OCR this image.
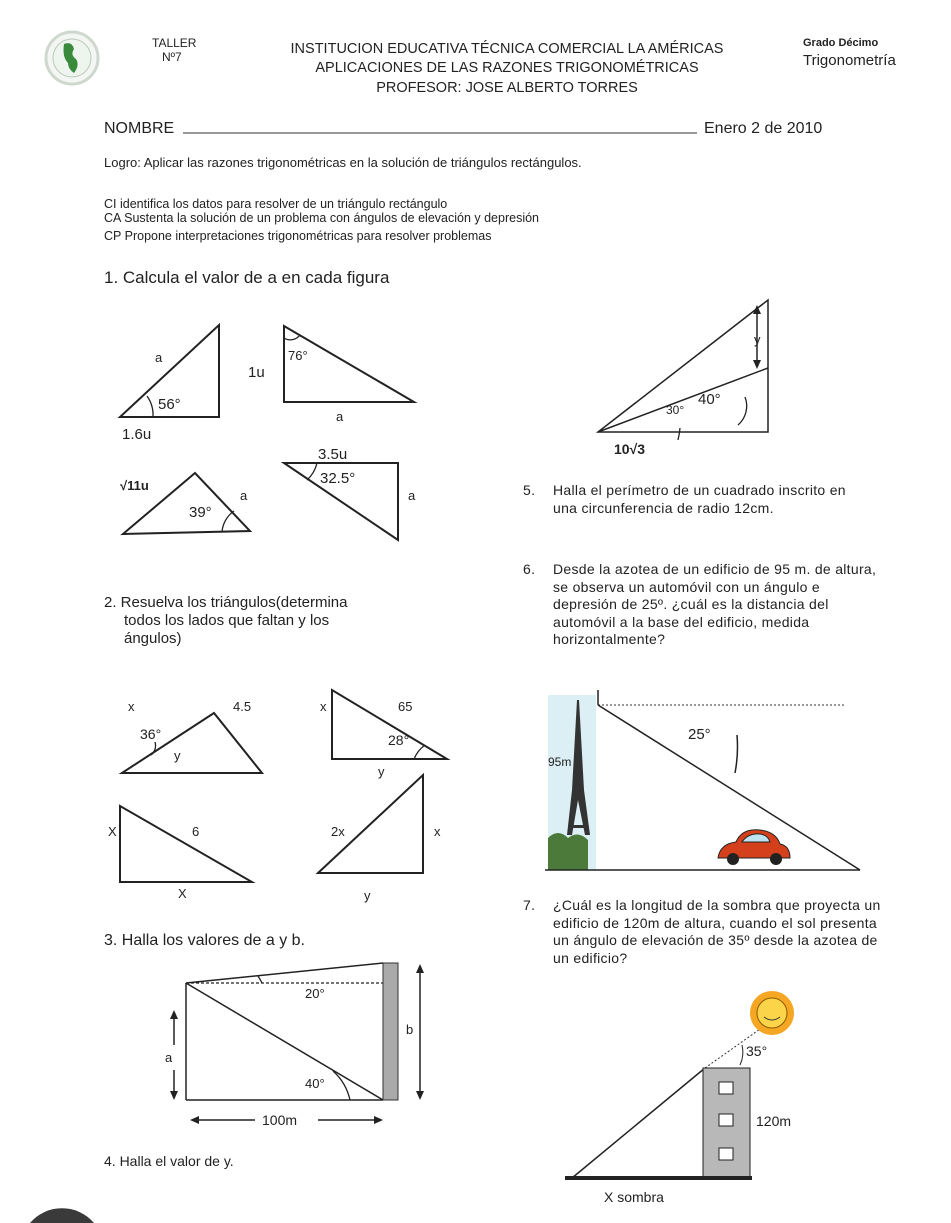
TALLER
Nº7	INSTITUCION EDUCATIVA TÉCNICA COMERCIAL LA AMÉRICAS
APLICACIONES DE LAS RAZONES TRIGONOMÉTRICAS
PROFESOR: JOSE ALBERTO TORRES
Grado Décimo
Trigonometría
NOMBRE	Enero 2 de 2010
Logro: Aplicar las razones trigonométricas en la solución de triángulos rectángulos.
CI identifica los datos para resolver de un triángulo rectángulo
CA Sustenta la solución de un problema con ángulos de elevación y depresión
CP Propone interpretaciones trigonométricas para resolver problemas
1. Calcula el valor de a en cada figura
a
56°
1.6u
1u
76°
a
√11u
39°
a
3.5u
32.5°
a
y
30°
40°
10√3
x	4.5
36°
y
x	65
28°
y
X	6
X
2x	x
y
20°
40°
b
a
100m
3. Halla los valores de a y b.
4. Halla el valor de y.
2. Resuelva los triángulos(determina
todos los lados que faltan y los
ángulos)
25°
95m
35°
120m
X sombra
5. Halla el perímetro de un cuadrado inscrito en una circunferencia de radio 12cm.
6. Desde la azotea de un edificio de 95 m. de altura, se observa un automóvil con un ángulo e depresión de 25º. ¿cuál es la distancia del automóvil a la base del edificio, medida horizontalmente?
7. ¿Cuál es la longitud de la sombra que proyecta un edificio de 120m de altura, cuando el sol presenta un ángulo de elevación de 35º desde la azotea de un edificio?
